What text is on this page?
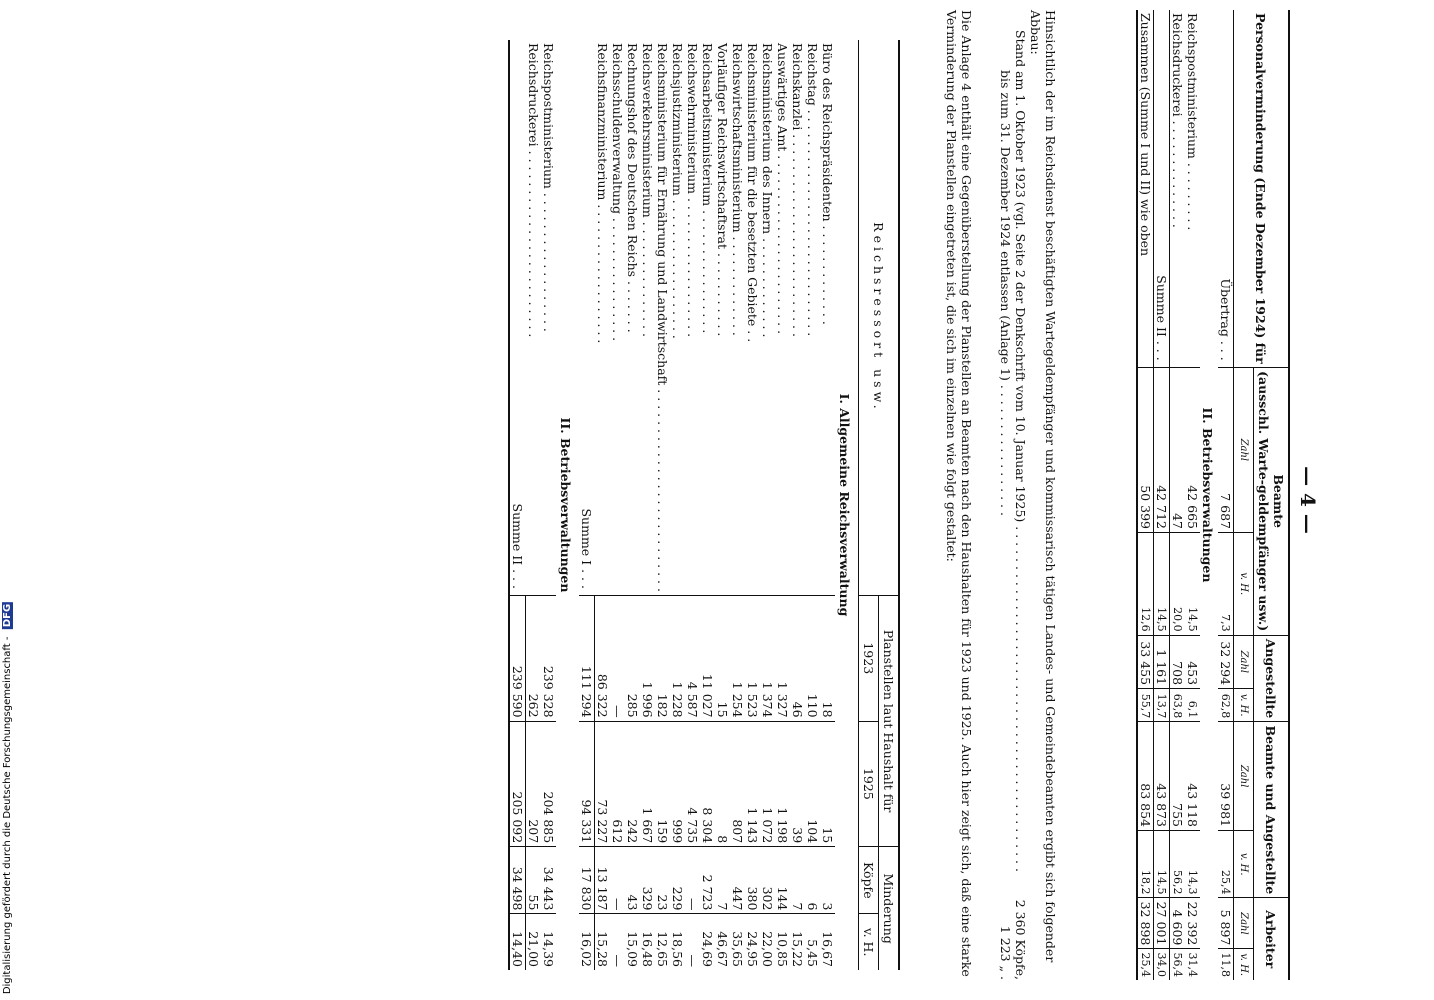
— 4 —
Personalverminderung (Ende Dezember 1924) für	Beamte
(ausschl. Warte-geldempfänger usw.)		Angestellte		Beamte und Angestellte		Arbeiter	
	Zahl	v. H.	Zahl	v. H.	Zahl	v. H.	Zahl	v. H.
Übertrag . . .	7 687	7,3	32 294	62,8	39 981	25,4	5 897	11,8
II. Betriebsverwaltungen								
Reichspostministerium . . . . . . . . .	42 665	14,5	453	6,1	43 118	14,3	22 392	31,4
Reichsdruckerei . . . . . . . . . . . . . .	47	20,0	708	63,8	755	56,2	4 609	56,4
Summe II . . .	42 712	14,5	1 161	13,7	43 873	14,5	27 001	34,0
Zusammen (Summe I und II) wie oben	50 399	12,6	33 455	55,7	83 854	18,2	32 898	25,4
Hinsichtlich der im Reichsdienst beschäftigten Wartegeldempfänger und kommissarisch tätigen Landes- und Gemeindebeamten ergibt sich folgender Abbau:
Stand am 1. Oktober 1923 (vgl. Seite 2 der Denkschrift vom 10. Januar 1925) . . . . . . . . . . . . . . . . . . . . . . . . . . . . . . . . . . . . . . . . . . . .
2 360 Köpfe,
bis zum 31. Dezember 1924 entlassen (Anlage 1) . . . . . . . . . . . . . . . . .
1 223 „ .
Die Anlage 4 enthält eine Gegenüberstellung der Planstellen an Beamten nach den Haushalten für 1923 und 1925. Auch hier zeigt sich, daß eine starke Verminderung der Planstellen eingetreten ist, die sich im einzelnen wie folgt gestaltet:
Reichsressort usw.	Planstellen laut Haushalt für		Minderung	
	1923	1925	Köpfe	v. H.
I. Allgemeine Reichsverwaltung				
Büro des Reichspräsidenten . . . . . . . . . . . . .	18	15	3	16,67
Reichstag . . . . . . . . . . . . . . . . . . . . . . . . . . . . .	110	104	6	5,45
Reichskanzlei . . . . . . . . . . . . . . . . . . . . . . . . . .	46	39	7	15,22
Auswärtiges Amt . . . . . . . . . . . . . . . . . . . . . . .	1 327	1 198	144	10,85
Reichsministerium des Innern . . . . . . . . . . . . .	1 374	1 072	302	22,00
Reichsministerium für die besetzten Gebiete . .	1 523	1 143	380	24,95
Reichswirtschaftsministerium . . . . . . . . . . . . .	1 254	807	447	35,65
Vorläufiger Reichswirtschaftsrat . . . . . . . . . . .	15	8	7	46,67
Reichsarbeitsministerium . . . . . . . . . . . . . . . .	11 027	8 304	2 723	24,69
Reichswehrministerium . . . . . . . . . . . . . . . . . .	4 587	4 735	—	—
Reichsjustizministerium . . . . . . . . . . . . . . . . . .	1 228	999	229	18,56
Reichsministerium für Ernährung und Landwirtschaft . . . . . . . . . . . . . . . . . . . . . . . . . .	182	159	23	12,65
Reichsverkehrsministerium . . . . . . . . . . . . . . .	1 996	1 667	329	16,48
Rechnungshof des Deutschen Reichs . . . . . . .	285	242	43	15,09
Reichsschuldenverwaltung . . . . . . . . . . . . . . . .	—	612	—	—
Reichsfinanzministerium . . . . . . . . . . . . . . . . . .	86 322	73 227	13 187	15,28
Summe I . . .	111 294	94 331	17 830	16,02
II. Betriebsverwaltungen				
Reichspostministerium . . . . . . . . . . . . . . . . . .	239 328	204 885	34 443	14,39
Reichsdruckerei . . . . . . . . . . . . . . . . . . . . . . . .	262	207	55	21,00
Summe II . . .	239 590	205 092	34 498	14,40
Digitalisierung gefördert durch die Deutsche Forschungsgemeinschaft - DFG
